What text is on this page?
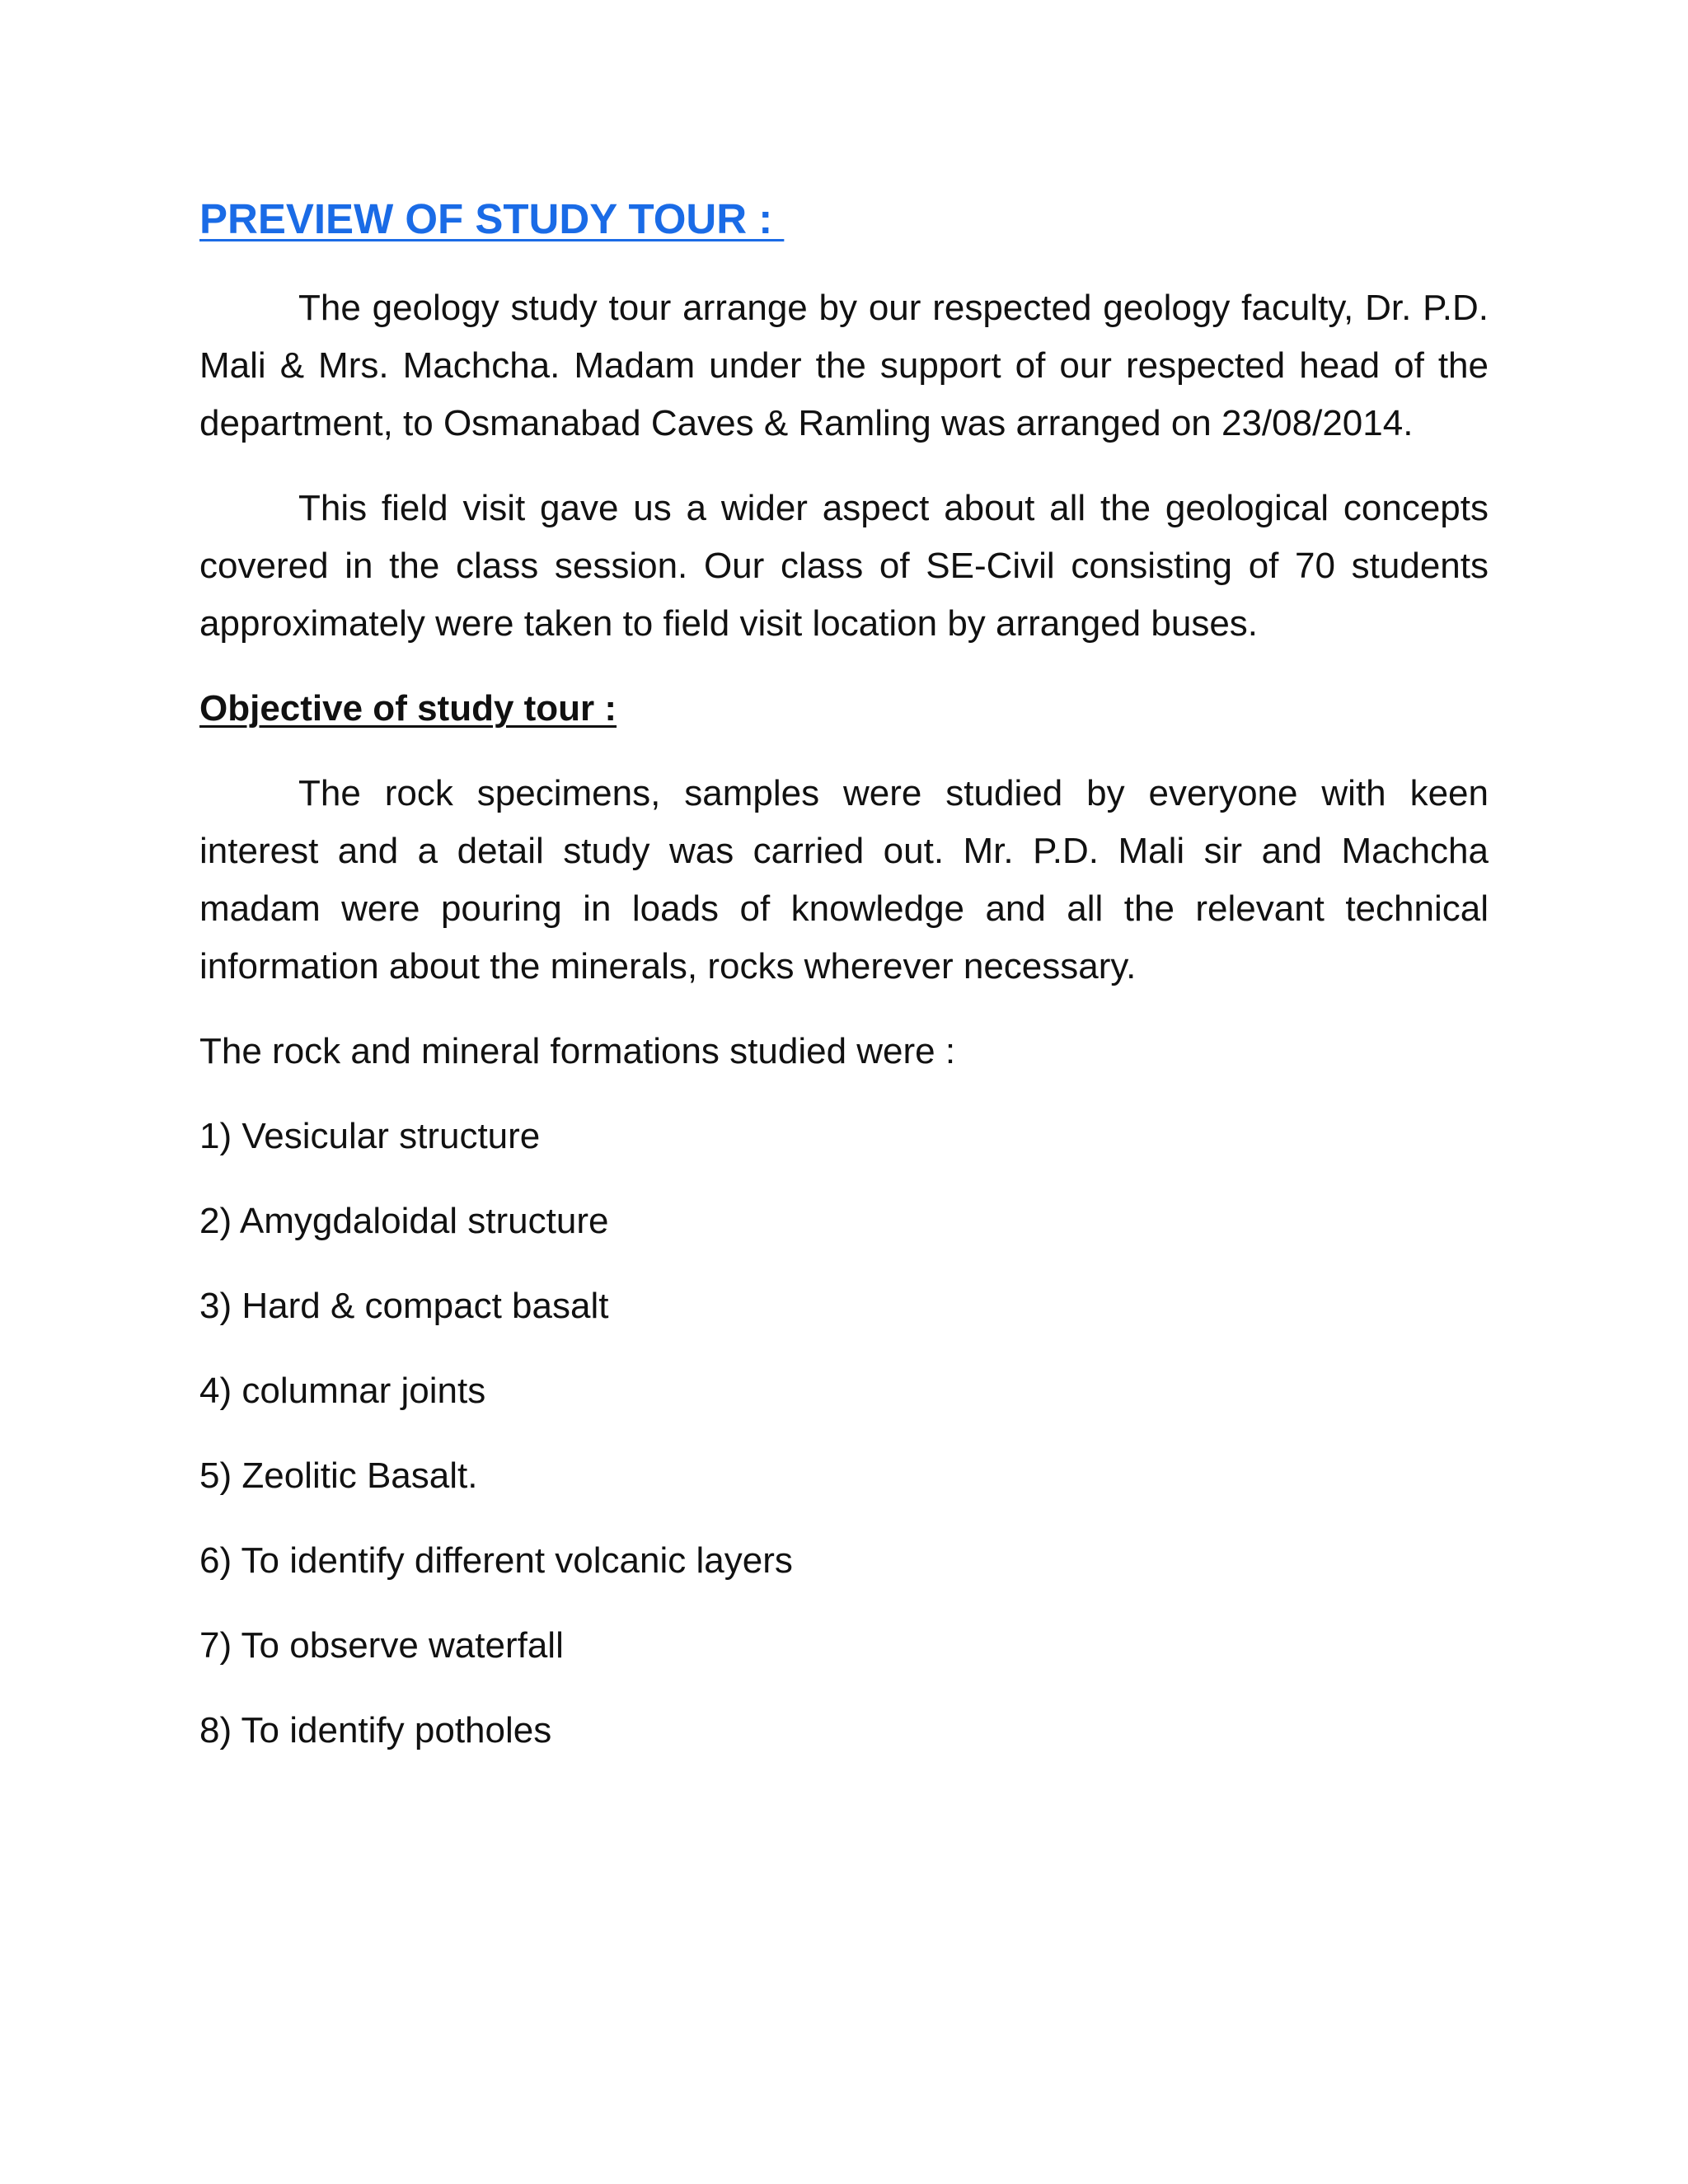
PREVIEW OF STUDY TOUR :

The geology study tour arrange by our respected geology faculty, Dr. P.D. Mali & Mrs. Machcha. Madam under the support of our respected head of the department, to Osmanabad Caves & Ramling was arranged on 23/08/2014.

This field visit gave us a wider aspect about all the geological concepts covered in the class session. Our class of SE-Civil consisting of 70 students approximately were taken to field visit location by arranged buses.

Objective of study tour :

The rock specimens, samples were studied by everyone with keen interest and a detail study was carried out. Mr. P.D. Mali sir and Machcha madam were pouring in loads of knowledge and all the relevant technical information about the minerals, rocks wherever necessary.

The rock and mineral formations studied were :

1) Vesicular structure
2) Amygdaloidal structure
3) Hard & compact basalt
4) columnar joints
5) Zeolitic Basalt.
6) To identify different volcanic layers
7) To observe waterfall
8) To identify potholes
